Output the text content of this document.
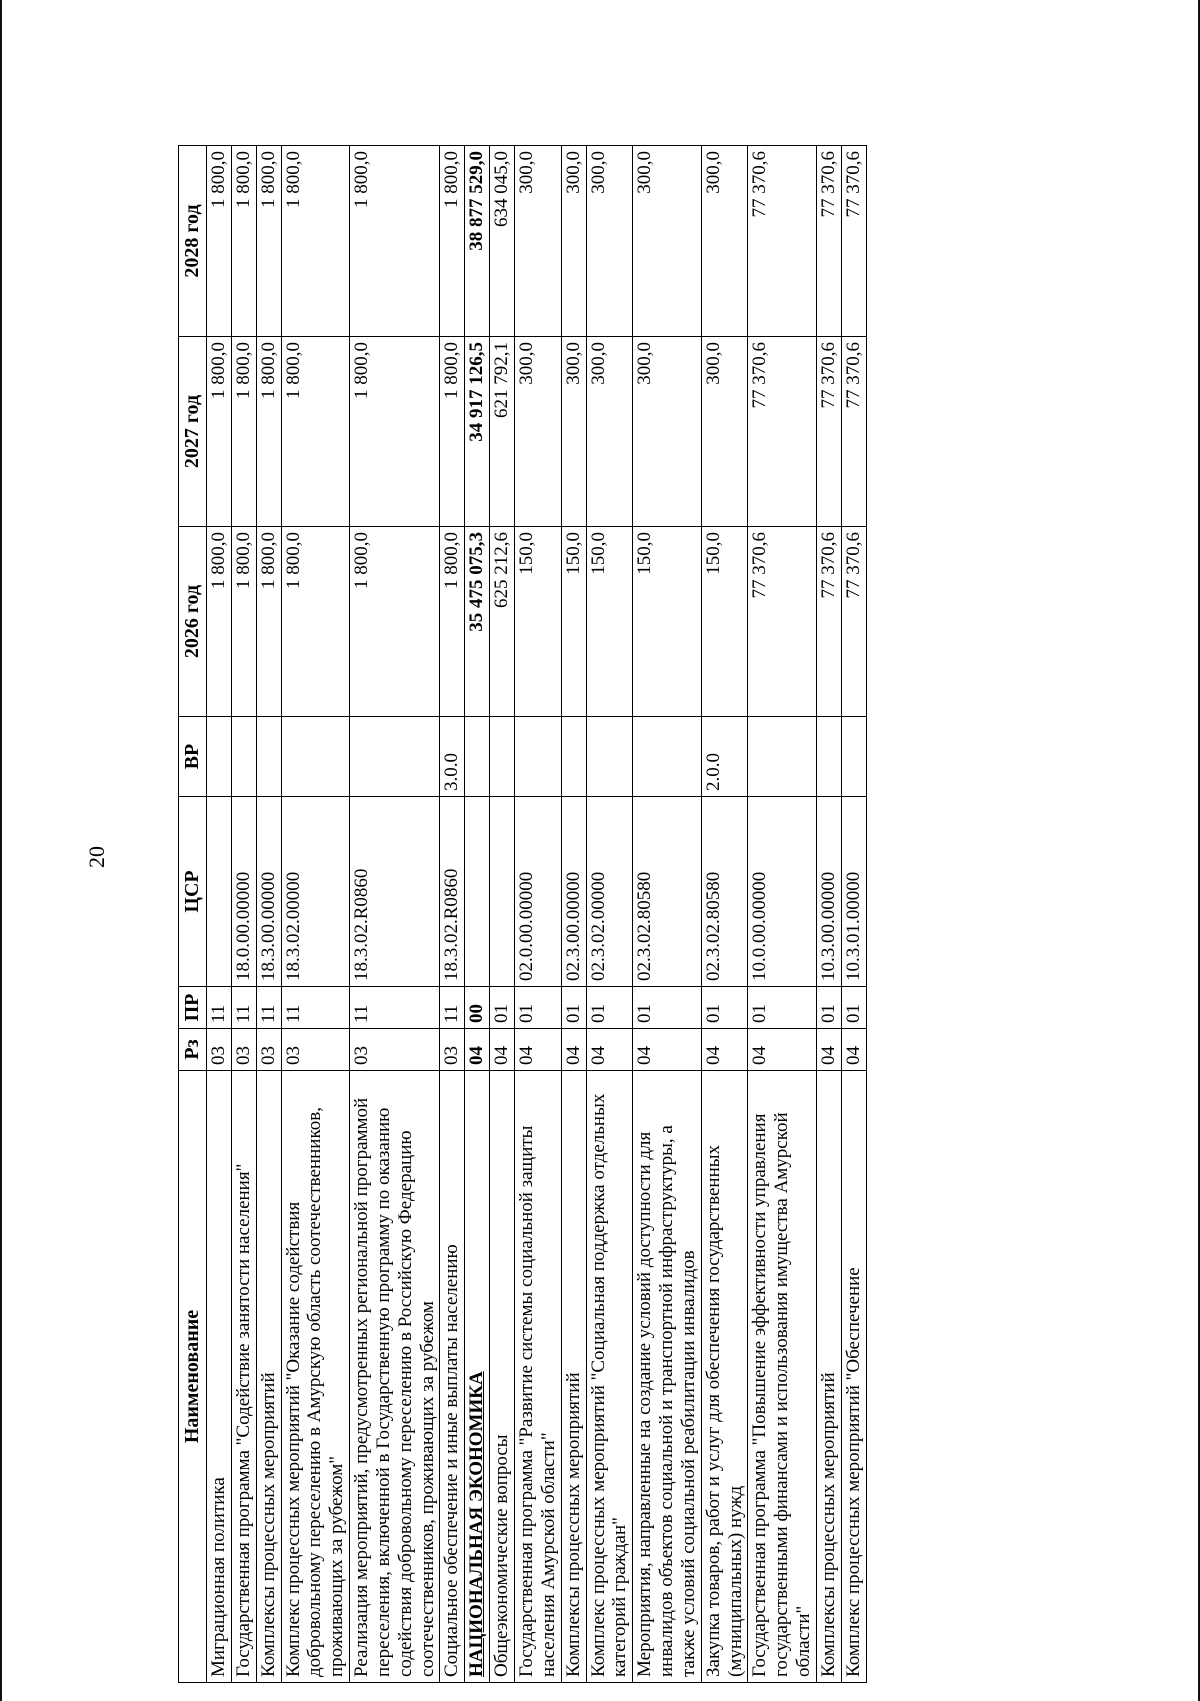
20
Наименование	Рз	ПР	ЦСР	ВР	2026 год	2027 год	2028 год
Миграционная политика	03	11			1 800,0	1 800,0	1 800,0
Государственная программа "Содействие занятости населения"	03	11	18.0.00.00000		1 800,0	1 800,0	1 800,0
Комплексы процессных мероприятий	03	11	18.3.00.00000		1 800,0	1 800,0	1 800,0
Комплекс процессных мероприятий "Оказание содействия добровольному переселению в Амурскую область соотечественников, проживающих за рубежом"	03	11	18.3.02.00000		1 800,0	1 800,0	1 800,0
Реализация мероприятий, предусмотренных региональной программой переселения, включенной в Государственную программу по оказанию содействия добровольному переселению в Российскую Федерацию соотечественников, проживающих за рубежом	03	11	18.3.02.R0860		1 800,0	1 800,0	1 800,0
Социальное обеспечение и иные выплаты населению	03	11	18.3.02.R0860	3.0.0	1 800,0	1 800,0	1 800,0
НАЦИОНАЛЬНАЯ ЭКОНОМИКА	04	00			35 475 075,3	34 917 126,5	38 877 529,0
Общеэкономические вопросы	04	01			625 212,6	621 792,1	634 045,0
Государственная программа "Развитие системы социальной защиты населения Амурской области"	04	01	02.0.00.00000		150,0	300,0	300,0
Комплексы процессных мероприятий	04	01	02.3.00.00000		150,0	300,0	300,0
Комплекс процессных мероприятий "Социальная поддержка отдельных категорий граждан"	04	01	02.3.02.00000		150,0	300,0	300,0
Мероприятия, направленные на создание условий доступности для инвалидов объектов социальной и транспортной инфраструктуры, а также условий социальной реабилитации инвалидов	04	01	02.3.02.80580		150,0	300,0	300,0
Закупка товаров, работ и услуг для обеспечения государственных (муниципальных) нужд	04	01	02.3.02.80580	2.0.0	150,0	300,0	300,0
Государственная программа "Повышение эффективности управления государственными финансами и использования имущества Амурской области"	04	01	10.0.00.00000		77 370,6	77 370,6	77 370,6
Комплексы процессных мероприятий	04	01	10.3.00.00000		77 370,6	77 370,6	77 370,6
Комплекс процессных мероприятий "Обеспечение	04	01	10.3.01.00000		77 370,6	77 370,6	77 370,6
